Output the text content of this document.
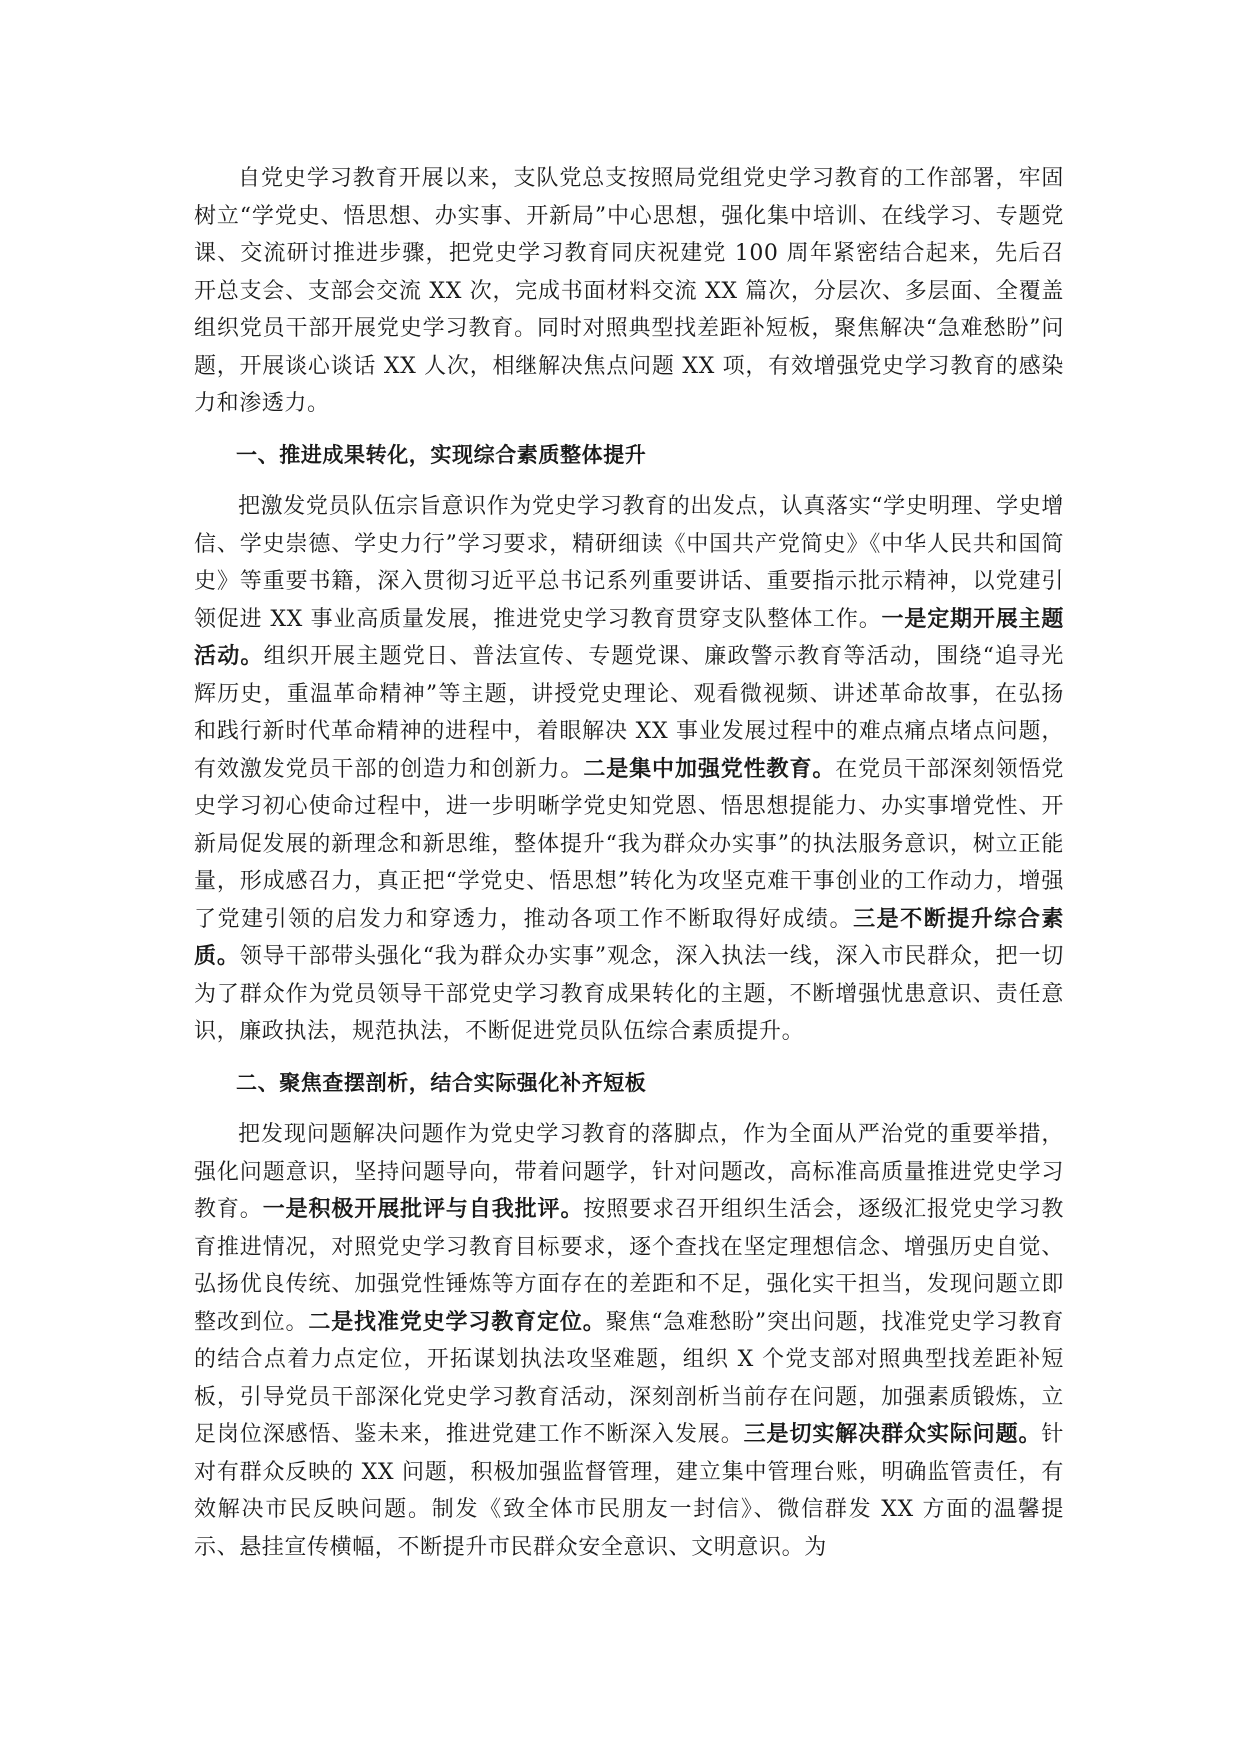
自党史学习教育开展以来，支队党总支按照局党组党史学习教育的工作部署，牢固树立“学党史、悟思想、办实事、开新局”中心思想，强化集中培训、在线学习、专题党课、交流研讨推进步骤，把党史学习教育同庆祝建党 100 周年紧密结合起来，先后召开总支会、支部会交流 XX 次，完成书面材料交流 XX 篇次，分层次、多层面、全覆盖组织党员干部开展党史学习教育。同时对照典型找差距补短板，聚焦解决“急难愁盼”问题，开展谈心谈话 XX 人次，相继解决焦点问题 XX 项，有效增强党史学习教育的感染力和渗透力。

一、推进成果转化，实现综合素质整体提升

把激发党员队伍宗旨意识作为党史学习教育的出发点，认真落实“学史明理、学史增信、学史崇德、学史力行”学习要求，精研细读《中国共产党简史》《中华人民共和国简史》等重要书籍，深入贯彻习近平总书记系列重要讲话、重要指示批示精神，以党建引领促进 XX 事业高质量发展，推进党史学习教育贯穿支队整体工作。一是定期开展主题活动。组织开展主题党日、普法宣传、专题党课、廉政警示教育等活动，围绕“追寻光辉历史，重温革命精神”等主题，讲授党史理论、观看微视频、讲述革命故事，在弘扬和践行新时代革命精神的进程中，着眼解决 XX 事业发展过程中的难点痛点堵点问题，有效激发党员干部的创造力和创新力。二是集中加强党性教育。在党员干部深刻领悟党史学习初心使命过程中，进一步明晰学党史知党恩、悟思想提能力、办实事增党性、开新局促发展的新理念和新思维，整体提升“我为群众办实事”的执法服务意识，树立正能量，形成感召力，真正把“学党史、悟思想”转化为攻坚克难干事创业的工作动力，增强了党建引领的启发力和穿透力，推动各项工作不断取得好成绩。三是不断提升综合素质。领导干部带头强化“我为群众办实事”观念，深入执法一线，深入市民群众，把一切为了群众作为党员领导干部党史学习教育成果转化的主题，不断增强忧患意识、责任意识，廉政执法，规范执法，不断促进党员队伍综合素质提升。

二、聚焦查摆剖析，结合实际强化补齐短板

把发现问题解决问题作为党史学习教育的落脚点，作为全面从严治党的重要举措，强化问题意识，坚持问题导向，带着问题学，针对问题改，高标准高质量推进党史学习教育。一是积极开展批评与自我批评。按照要求召开组织生活会，逐级汇报党史学习教育推进情况，对照党史学习教育目标要求，逐个查找在坚定理想信念、增强历史自觉、弘扬优良传统、加强党性锤炼等方面存在的差距和不足，强化实干担当，发现问题立即整改到位。二是找准党史学习教育定位。聚焦“急难愁盼”突出问题，找准党史学习教育的结合点着力点定位，开拓谋划执法攻坚难题，组织 X 个党支部对照典型找差距补短板，引导党员干部深化党史学习教育活动，深刻剖析当前存在问题，加强素质锻炼，立足岗位深感悟、鉴未来，推进党建工作不断深入发展。三是切实解决群众实际问题。针对有群众反映的 XX 问题，积极加强监督管理，建立集中管理台账，明确监管责任，有效解决市民反映问题。制发《致全体市民朋友一封信》、微信群发 XX 方面的温馨提示、悬挂宣传横幅，不断提升市民群众安全意识、文明意识。为
